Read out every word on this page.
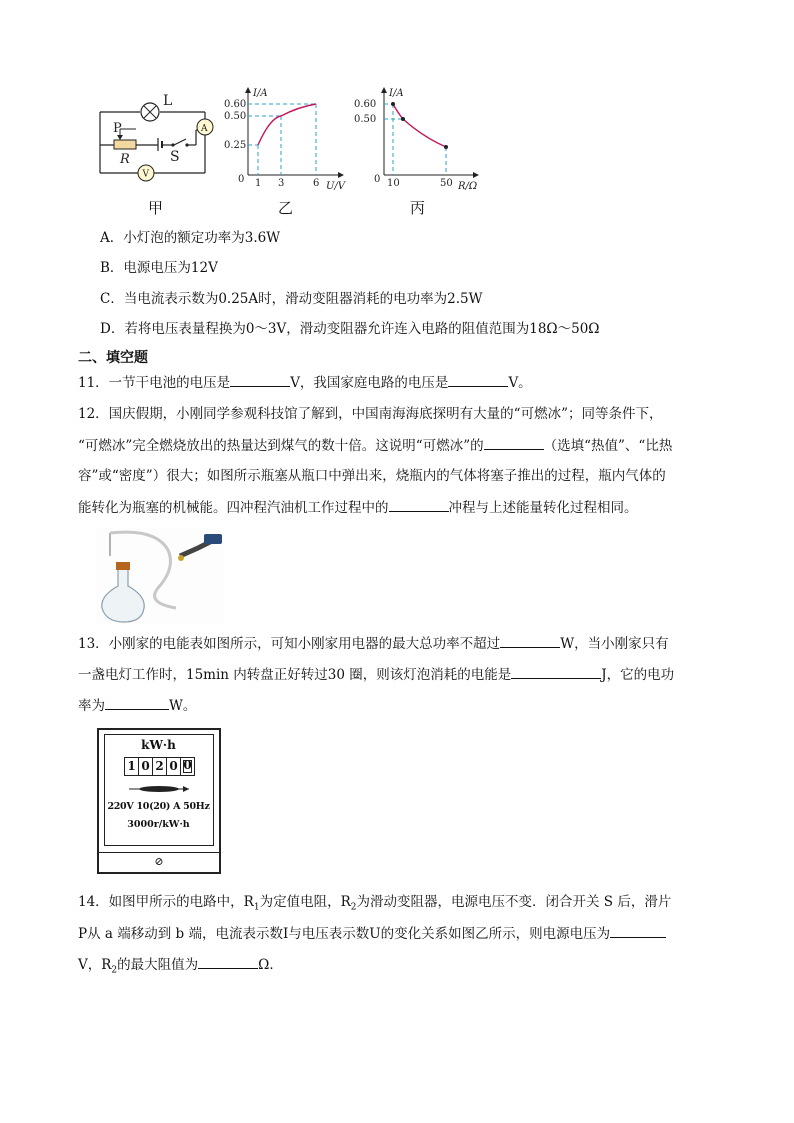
L
P
R	S
A
V
I/A
U/V
0
0.60
0.50
0.25
1 3	6
I/A
R/Ω
0
0.60
0.50
10	50
甲	乙	丙
A．小灯泡的额定功率为3.6W
B．电源电压为12V
C．当电流表示数为0.25A时，滑动变阻器消耗的电功率为2.5W
D．若将电压表量程换为0～3V，滑动变阻器允许连入电路的阻值范围为18Ω～50Ω
二、填空题
11．一节干电池的电压是	V，我国家庭电路的电压是	V。
12．国庆假期，小刚同学参观科技馆了解到，中国南海海底探明有大量的“可燃冰”；同等条件下，
“可燃冰”完全燃烧放出的热量达到煤气的数十倍。这说明“可燃冰”的	（选填“热值”、“比热
容”或“密度”）很大；如图所示瓶塞从瓶口中弹出来，烧瓶内的气体将塞子推出的过程，瓶内气体的
能转化为瓶塞的机械能。四冲程汽油机工作过程中的	冲程与上述能量转化过程相同。
13．小刚家的电能表如图所示，可知小刚家用电器的最大总功率不超过	W，当小刚家只有
一盏电灯工作时，15min 内转盘正好转过30 圈，则该灯泡消耗的电能是	J，它的电功
率为	W。
kW·h
1 0 2 0 0
220V 10(20) A 50Hz
3000r/kW·h
⊘
14．如图甲所示的电路中，$R_1$为定值电阻，$R_2$为滑动变阻器，电源电压不变．闭合开关 S 后，滑片
P从 a 端移动到 b 端，电流表示数I与电压表示数U的变化关系如图乙所示，则电源电压为
V，$R_2$的最大阻值为	Ω．
